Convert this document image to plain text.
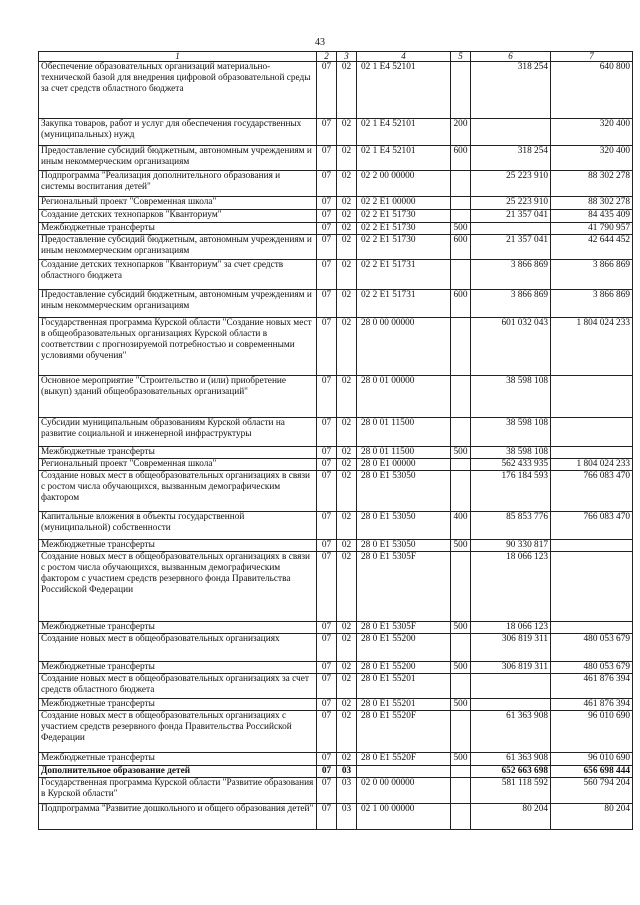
43
1	2	3	4	5	6	7
Обеспечение образовательных организаций материально-технической базой для внедрения цифровой образовательной среды за счет средств областного бюджета	07	02	02 1 E4 52101		318 254	640 800
Закупка товаров, работ и услуг для обеспечения государственных (муниципальных) нужд	07	02	02 1 E4 52101	200		320 400
Предоставление субсидий бюджетным, автономным учреждениям и иным некоммерческим организациям	07	02	02 1 E4 52101	600	318 254	320 400
Подпрограмма "Реализация дополнительного образования и системы воспитания детей"	07	02	02 2 00 00000		25 223 910	88 302 278
Региональный проект "Современная школа"	07	02	02 2 E1 00000		25 223 910	88 302 278
Создание детских технопарков "Кванториум"	07	02	02 2 E1 51730		21 357 041	84 435 409
Межбюджетные трансферты	07	02	02 2 E1 51730	500		41 790 957
Предоставление субсидий бюджетным, автономным учреждениям и иным некоммерческим организациям	07	02	02 2 E1 51730	600	21 357 041	42 644 452
Создание детских технопарков "Кванториум" за счет средств областного бюджета	07	02	02 2 E1 51731		3 866 869	3 866 869
Предоставление субсидий бюджетным, автономным учреждениям и иным некоммерческим организациям	07	02	02 2 E1 51731	600	3 866 869	3 866 869
Государственная программа Курской области "Создание новых мест в общеобразовательных организациях Курской области в соответствии с прогнозируемой потребностью и современными условиями обучения"	07	02	28 0 00 00000		601 032 043	1 804 024 233
Основное мероприятие "Строительство и (или) приобретение (выкуп) зданий общеобразовательных организаций"	07	02	28 0 01 00000		38 598 108	
Субсидии муниципальным образованиям Курской области на развитие социальной и инженерной инфраструктуры	07	02	28 0 01 11500		38 598 108	
Межбюджетные трансферты	07	02	28 0 01 11500	500	38 598 108	
Региональный проект "Современная школа"	07	02	28 0 E1 00000		562 433 935	1 804 024 233
Создание новых мест в общеобразовательных организациях в связи с ростом числа обучающихся, вызванным демографическим фактором	07	02	28 0 E1 53050		176 184 593	766 083 470
Капитальные вложения в объекты государственной (муниципальной) собственности	07	02	28 0 E1 53050	400	85 853 776	766 083 470
Межбюджетные трансферты	07	02	28 0 E1 53050	500	90 330 817	
Создание новых мест в общеобразовательных организациях в связи с ростом числа обучающихся, вызванным демографическим фактором с участием средств резервного фонда Правительства Российской Федерации	07	02	28 0 E1 5305F		18 066 123	
Межбюджетные трансферты	07	02	28 0 E1 5305F	500	18 066 123	
Создание новых мест в общеобразовательных организациях	07	02	28 0 E1 55200		306 819 311	480 053 679
Межбюджетные трансферты	07	02	28 0 E1 55200	500	306 819 311	480 053 679
Создание новых мест в общеобразовательных организациях за счет средств областного бюджета	07	02	28 0 E1 55201			461 876 394
Межбюджетные трансферты	07	02	28 0 E1 55201	500		461 876 394
Создание новых мест в общеобразовательных организациях с участием средств резервного фонда Правительства Российской Федерации	07	02	28 0 E1 5520F		61 363 908	96 010 690
Межбюджетные трансферты	07	02	28 0 E1 5520F	500	61 363 908	96 010 690
Дополнительное образование детей	07	03			652 663 698	656 698 444
Государственная программа Курской области "Развитие образования в Курской области"	07	03	02 0 00 00000		581 118 592	560 794 204
Подпрограмма "Развитие дошкольного и общего образования детей"	07	03	02 1 00 00000		80 204	80 204
